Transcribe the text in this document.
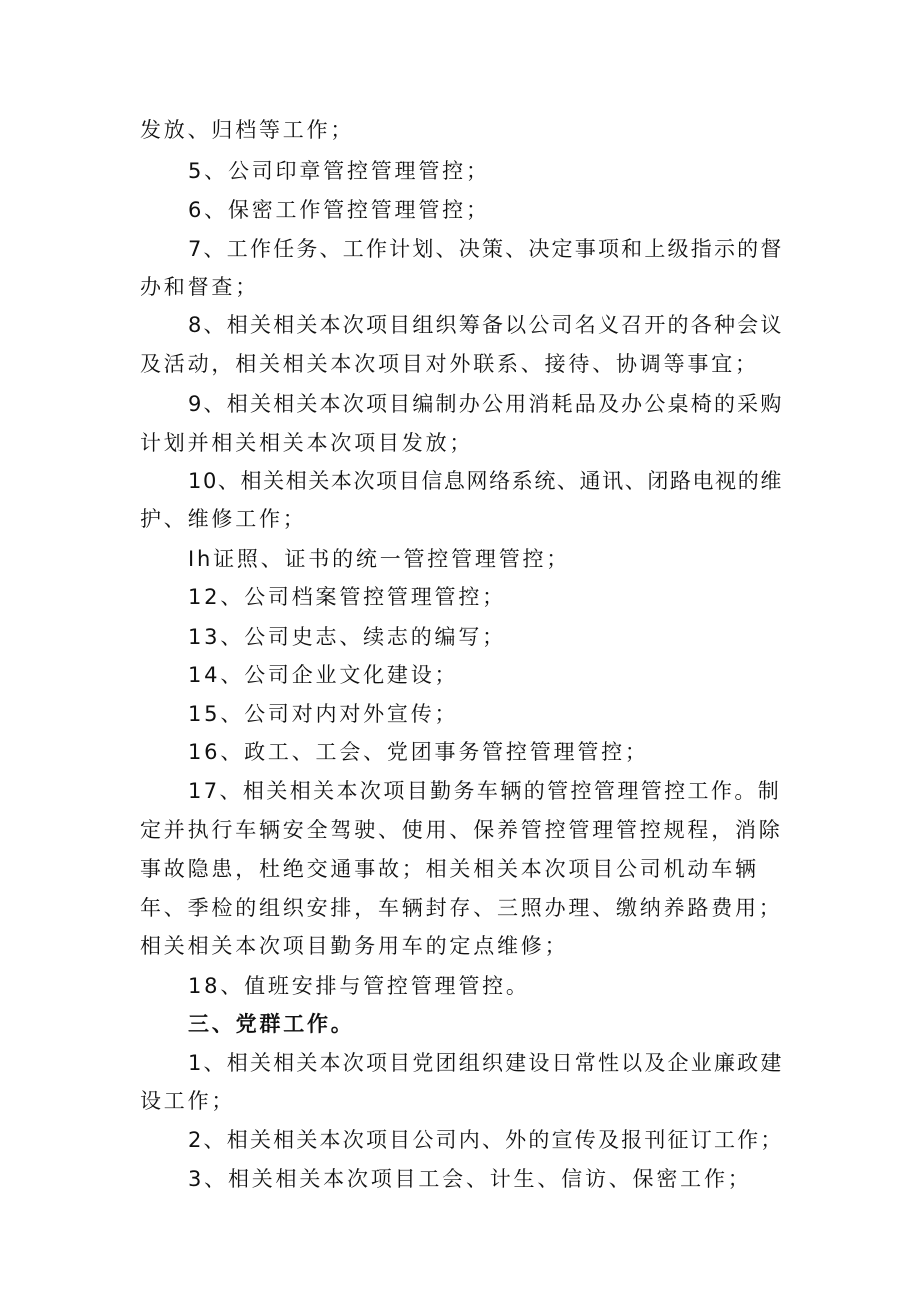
发放、归档等工作；

5、公司印章管控管理管控；

6、保密工作管控管理管控；

7、工作任务、工作计划、决策、决定事项和上级指示的督

办和督查；

8、相关相关本次项目组织筹备以公司名义召开的各种会议

及活动，相关相关本次项目对外联系、接待、协调等事宜；

9、相关相关本次项目编制办公用消耗品及办公桌椅的采购

计划并相关相关本次项目发放；

10、相关相关本次项目信息网络系统、通讯、闭路电视的维

护、维修工作；

Ih证照、证书的统一管控管理管控；

12、公司档案管控管理管控；

13、公司史志、续志的编写；

14、公司企业文化建设；

15、公司对内对外宣传；

16、政工、工会、党团事务管控管理管控；

17、相关相关本次项目勤务车辆的管控管理管控工作。制

定并执行车辆安全驾驶、使用、保养管控管理管控规程，消除

事故隐患，杜绝交通事故；相关相关本次项目公司机动车辆

年、季检的组织安排，车辆封存、三照办理、缴纳养路费用；

相关相关本次项目勤务用车的定点维修；

18、值班安排与管控管理管控。

三、党群工作。

1、相关相关本次项目党团组织建设日常性以及企业廉政建

设工作；

2、相关相关本次项目公司内、外的宣传及报刊征订工作；

3、相关相关本次项目工会、计生、信访、保密工作；
